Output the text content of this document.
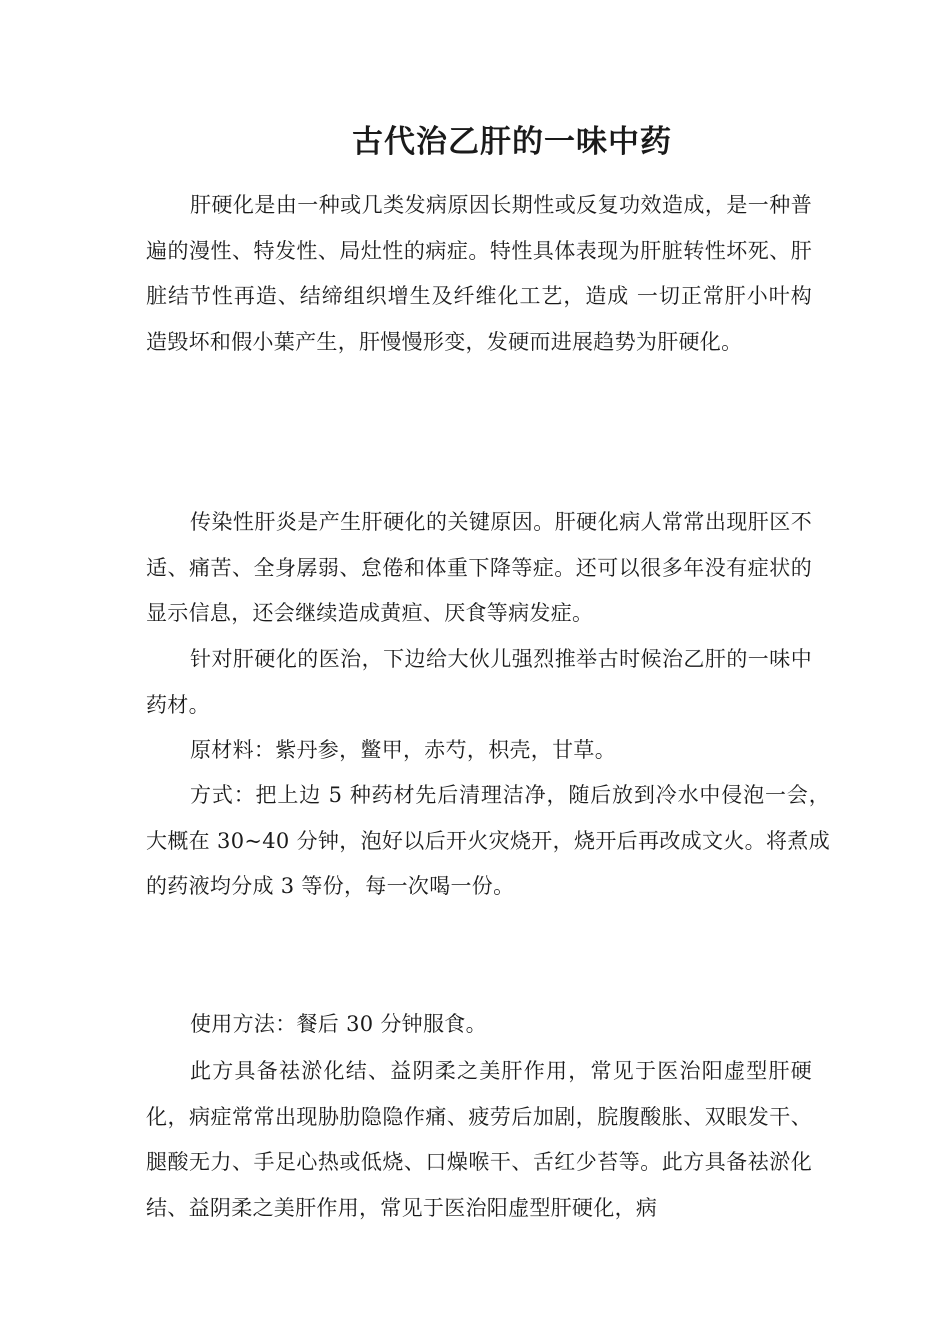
古代治乙肝的一味中药

肝硬化是由一种或几类发病原因长期性或反复功效造成，是一种普遍的漫性、特发性、局灶性的病症。特性具体表现为肝脏转性坏死、肝脏结节性再造、结缔组织增生及纤维化工艺，造成 一切正常肝小叶构造毁坏和假小葉产生，肝慢慢形变，发硬而进展趋势为肝硬化。

传染性肝炎是产生肝硬化的关键原因。肝硬化病人常常出现肝区不适、痛苦、全身孱弱、怠倦和体重下降等症。还可以很多年没有症状的显示信息，还会继续造成黄疸、厌食等病发症。

针对肝硬化的医治，下边给大伙儿强烈推举古时候治乙肝的一味中药材。

原材料：紫丹参，鳖甲，赤芍，枳壳，甘草。

方式：把上边 5 种药材先后清理洁净，随后放到冷水中侵泡一会，大概在 30~40 分钟，泡好以后开火灾烧开，烧开后再改成文火。将煮成的药液均分成 3 等份，每一次喝一份。

使用方法：餐后 30 分钟服食。

此方具备祛淤化结、益阴柔之美肝作用，常见于医治阳虚型肝硬化，病症常常出现胁肋隐隐作痛、疲劳后加剧，脘腹酸胀、双眼发干、腿酸无力、手足心热或低烧、口燥喉干、舌红少苔等。此方具备祛淤化结、益阴柔之美肝作用，常见于医治阳虚型肝硬化，病
